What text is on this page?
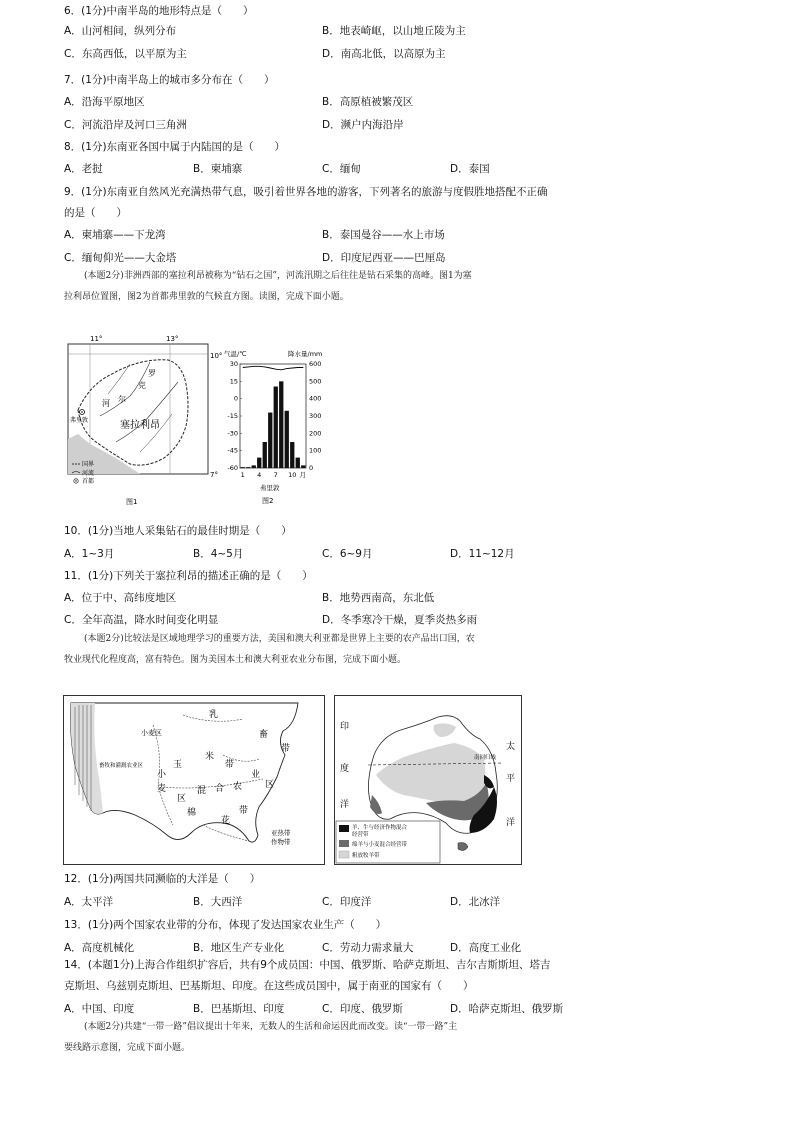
6．(1分)中南半岛的地形特点是（　　）
A．山河相间，纵列分布	B．地表崎岖，以山地丘陵为主
C．东高西低，以平原为主	D．南高北低，以高原为主
7．(1分)中南半岛上的城市多分布在（　　）
A．沿海平原地区	B．高原植被繁茂区
C．河流沿岸及河口三角洲	D．濒户内海沿岸
8．(1分)东南亚各国中属于内陆国的是（　　）
A．老挝	B．柬埔寨	C．缅甸	D．泰国
9．(1分)东南亚自然风光充满热带气息，吸引着世界各地的游客，下列著名的旅游与度假胜地搭配不正确
的是（　　）
A．柬埔寨——下龙湾	B．泰国曼谷——水上市场
C．缅甸仰光——大金塔	D．印度尼西亚——巴厘岛
(本题2分)非洲西部的塞拉利昂被称为“钻石之国”，河流汛期之后往往是钻石采集的高峰。图1为塞
拉利昂位置图，图2为首都弗里敦的气候直方图。读图，完成下面小题。
11°	13°
10°
7°
罗
克
尔
河
塞拉利昂
弗里敦
国界
河流
首都
图1
气温/℃	降水量/mm
30
15
0
-15
-30
-45
-60
600
500
400
300
200
100
0
1 4 7 10 月
弗里敦
图2
10．(1分)当地人采集钻石的最佳时期是（　　）
A．1~3月	B．4~5月	C．6~9月	D．11~12月
11．(1分)下列关于塞拉利昂的描述正确的是（　　）
A．位于中、高纬度地区	B．地势西南高，东北低
C．全年高温，降水时间变化明显	D．冬季寒冷干燥，夏季炎热多雨
(本题2分)比较法是区域地理学习的重要方法，美国和澳大利亚都是世界上主要的农产品出口国，农
牧业现代化程度高，富有特色。图为美国本土和澳大利亚农业分布图，完成下面小题。
畜牧和灌溉农业区
小麦区
玉
米
带
小
麦
区
乳
畜
带
混 合 农
业
区
棉
花
带
亚热带
作物带
南回归线
印
度
洋
太
平
洋
羊、牛与经济作物混合
经营带
绵羊与小麦混合经营带
粗放牧羊带
12．(1分)两国共同濒临的大洋是（　　）
A．太平洋	B．大西洋	C．印度洋	D．北冰洋
13．(1分)两个国家农业带的分布，体现了发达国家农业生产（　　）
A．高度机械化	B．地区生产专业化	C．劳动力需求量大	D．高度工业化
14．(本题1分)上海合作组织扩容后，共有9个成员国：中国、俄罗斯、哈萨克斯坦、吉尔吉斯斯坦、塔吉
克斯坦、乌兹别克斯坦、巴基斯坦、印度。在这些成员国中，属于南亚的国家有（　　）
A．中国、印度	B．巴基斯坦、印度	C．印度、俄罗斯	D．哈萨克斯坦、俄罗斯
(本题2分)共建“一带一路”倡议提出十年来，无数人的生活和命运因此而改变。读“一带一路”主
要线路示意图，完成下面小题。
